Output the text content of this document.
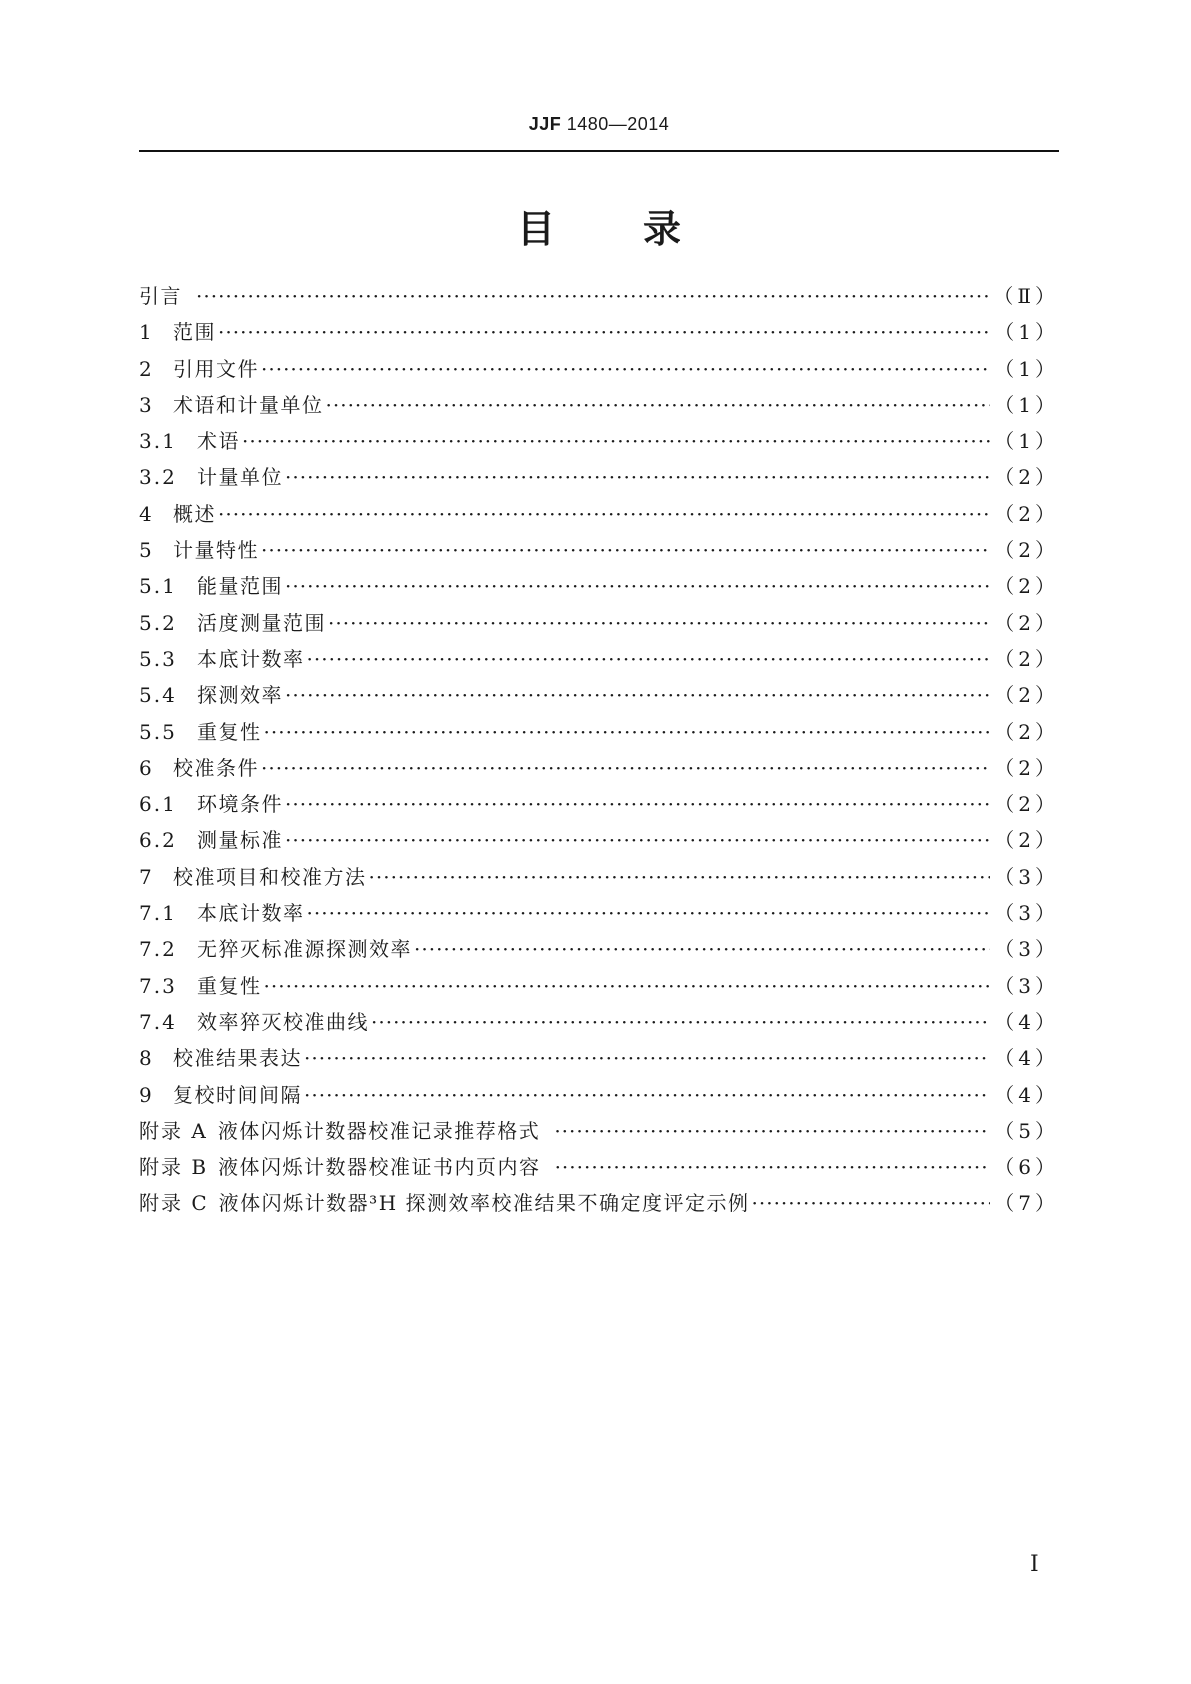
JJF 1480—2014
目录
引言 ·····	（Ⅱ）
1 范围 ·····	（1）
2 引用文件 ·····	（1）
3 术语和计量单位 ·····	（1）
3.1	术语 ·····	（1）
3.2	计量单位 ·····	（2）
4 概述 ·····	（2）
5 计量特性 ·····	（2）
5.1	能量范围 ·····	（2）
5.2	活度测量范围 ·····	（2）
5.3	本底计数率 ·····	（2）
5.4	探测效率 ·····	（2）
5.5	重复性 ·····	（2）
6 校准条件 ·····	（2）
6.1	环境条件 ·····	（2）
6.2	测量标准 ·····	（2）
7 校准项目和校准方法 ·····	（3）
7.1	本底计数率 ·····	（3）
7.2	无猝灭标准源探测效率 ·····	（3）
7.3	重复性 ·····	（3）
7.4	效率猝灭校准曲线 ·····	（4）
8 校准结果表达 ·····	（4）
9 复校时间间隔 ·····	（4）
附录 A 液体闪烁计数器校准记录推荐格式 ·····	（5）
附录 B 液体闪烁计数器校准证书内页内容 ·····	（6）
附录 C 液体闪烁计数器³H 探测效率校准结果不确定度评定示例 ·····	（7）
Ⅰ
